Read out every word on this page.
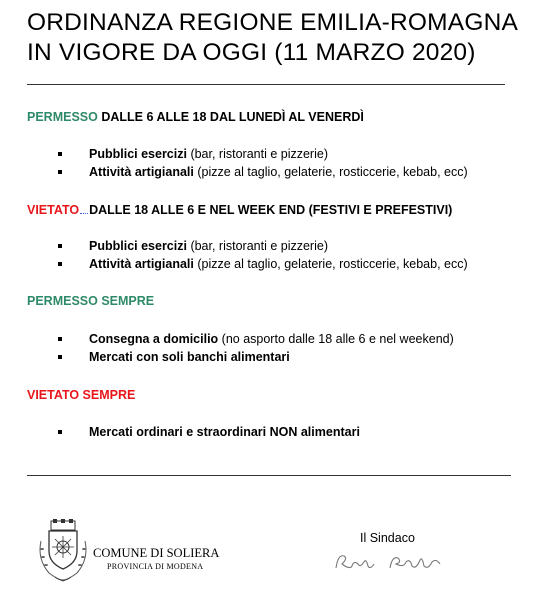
ORDINANZA REGIONE EMILIA-ROMAGNA
IN VIGORE DA OGGI (11 MARZO 2020)
PERMESSO DALLE 6 ALLE 18 DAL LUNEDÌ AL VENERDÌ
Pubblici esercizi (bar, ristoranti e pizzerie)
Attività artigianali (pizze al taglio, gelaterie, rosticcerie, kebab, ecc)
VIETATO DALLE 18 ALLE 6 E NEL WEEK END (FESTIVI E PREFESTIVI)
Pubblici esercizi (bar, ristoranti e pizzerie)
Attività artigianali (pizze al taglio, gelaterie, rosticcerie, kebab, ecc)
PERMESSO SEMPRE
Consegna a domicilio (no asporto dalle 18 alle 6 e nel weekend)
Mercati con soli banchi alimentari
VIETATO SEMPRE
Mercati ordinari e straordinari NON alimentari
COMUNE DI SOLIERA
PROVINCIA DI MODENA
Il Sindaco
